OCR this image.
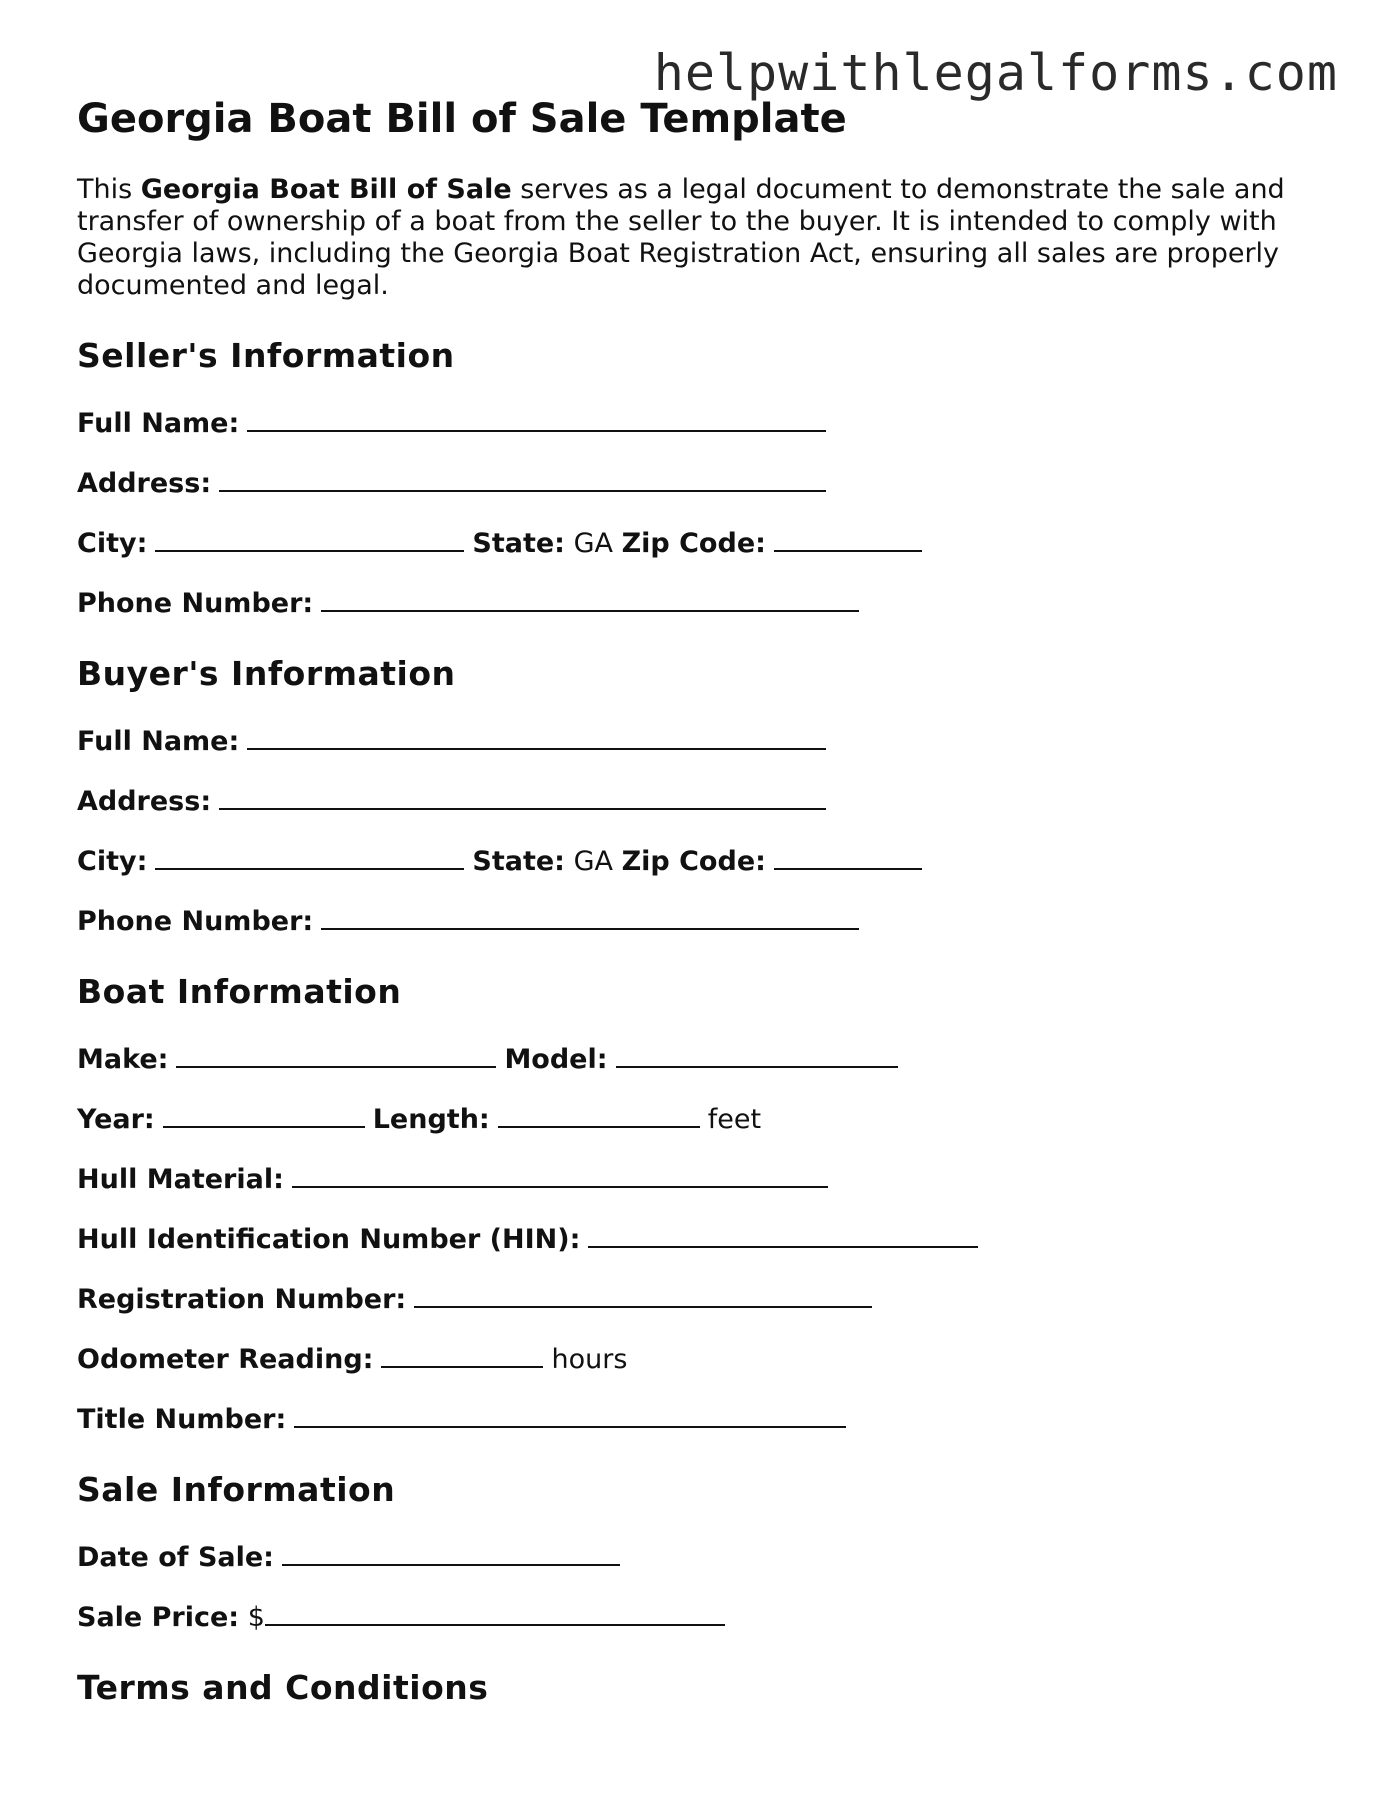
helpwithlegalforms.com
Georgia Boat Bill of Sale Template

This Georgia Boat Bill of Sale serves as a legal document to demonstrate the sale and transfer of ownership of a boat from the seller to the buyer. It is intended to comply with Georgia laws, including the Georgia Boat Registration Act, ensuring all sales are properly documented and legal.

Seller's Information
Full Name:
Address:
City:	State: GA Zip Code:
Phone Number:
Buyer's Information
Full Name:
Address:
City:	State: GA Zip Code:
Phone Number:
Boat Information
Make:	Model:
Year:	Length:	feet
Hull Material:
Hull Identification Number (HIN):
Registration Number:
Odometer Reading:	hours
Title Number:
Sale Information
Date of Sale:
Sale Price: $
Terms and Conditions
